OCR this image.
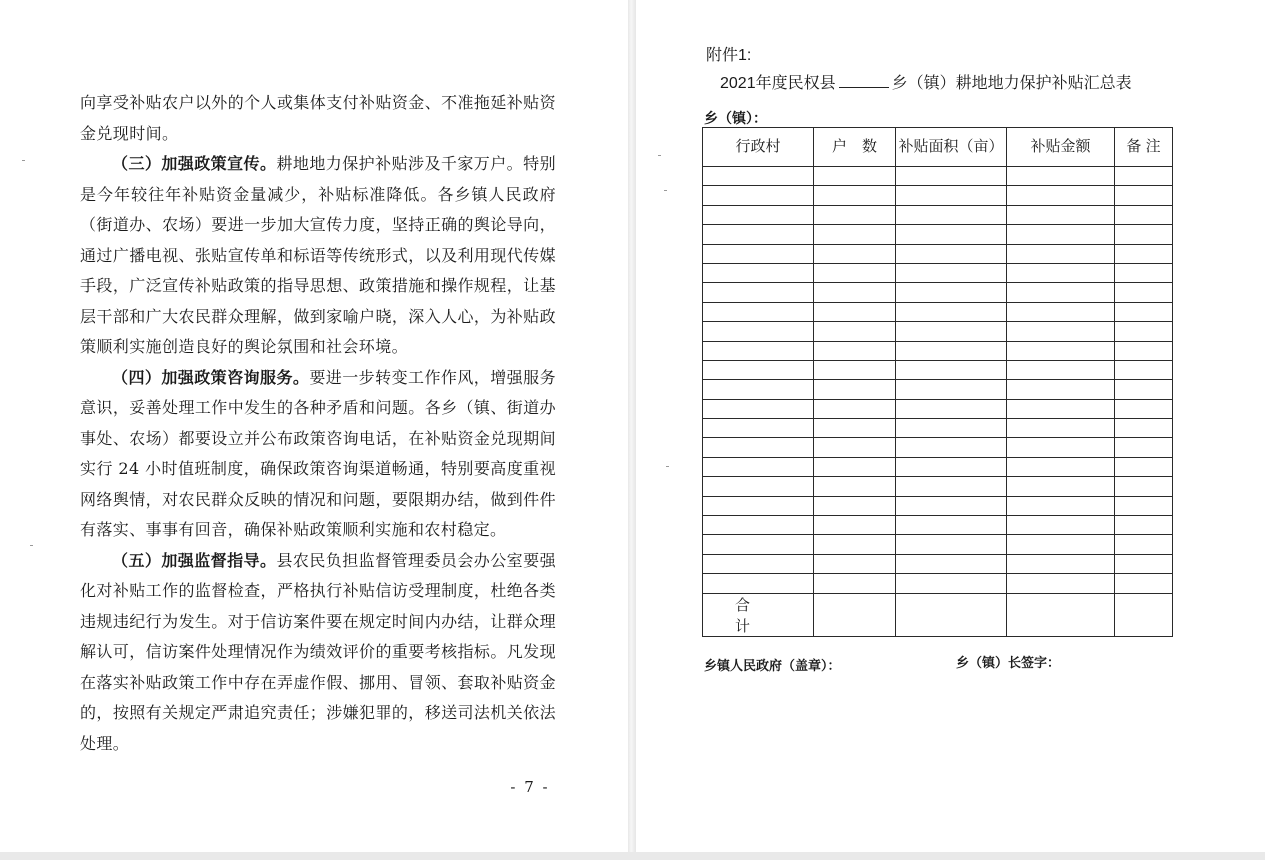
向享受补贴农户以外的个人或集体支付补贴资金、不准拖延补贴资金兑现时间。

（三）加强政策宣传。耕地地力保护补贴涉及千家万户。特别是今年较往年补贴资金量减少，补贴标准降低。各乡镇人民政府（街道办、农场）要进一步加大宣传力度，坚持正确的舆论导向，通过广播电视、张贴宣传单和标语等传统形式，以及利用现代传媒手段，广泛宣传补贴政策的指导思想、政策措施和操作规程，让基层干部和广大农民群众理解，做到家喻户晓，深入人心，为补贴政策顺利实施创造良好的舆论氛围和社会环境。

（四）加强政策咨询服务。要进一步转变工作作风，增强服务意识，妥善处理工作中发生的各种矛盾和问题。各乡（镇、街道办事处、农场）都要设立并公布政策咨询电话，在补贴资金兑现期间实行 24 小时值班制度，确保政策咨询渠道畅通，特别要高度重视网络舆情，对农民群众反映的情况和问题，要限期办结，做到件件有落实、事事有回音，确保补贴政策顺利实施和农村稳定。

（五）加强监督指导。县农民负担监督管理委员会办公室要强化对补贴工作的监督检查，严格执行补贴信访受理制度，杜绝各类违规违纪行为发生。对于信访案件要在规定时间内办结，让群众理解认可，信访案件处理情况作为绩效评价的重要考核指标。凡发现在落实补贴政策工作中存在弄虚作假、挪用、冒领、套取补贴资金的，按照有关规定严肃追究责任；涉嫌犯罪的，移送司法机关依法处理。

- 7 -
附件1:
2021年度民权县	乡（镇）耕地地力保护补贴汇总表
乡（镇）：
行政村	户　数	补贴面积（亩）	补贴金额	备 注

合　计				
乡镇人民政府（盖章）：	乡（镇）长签字：
